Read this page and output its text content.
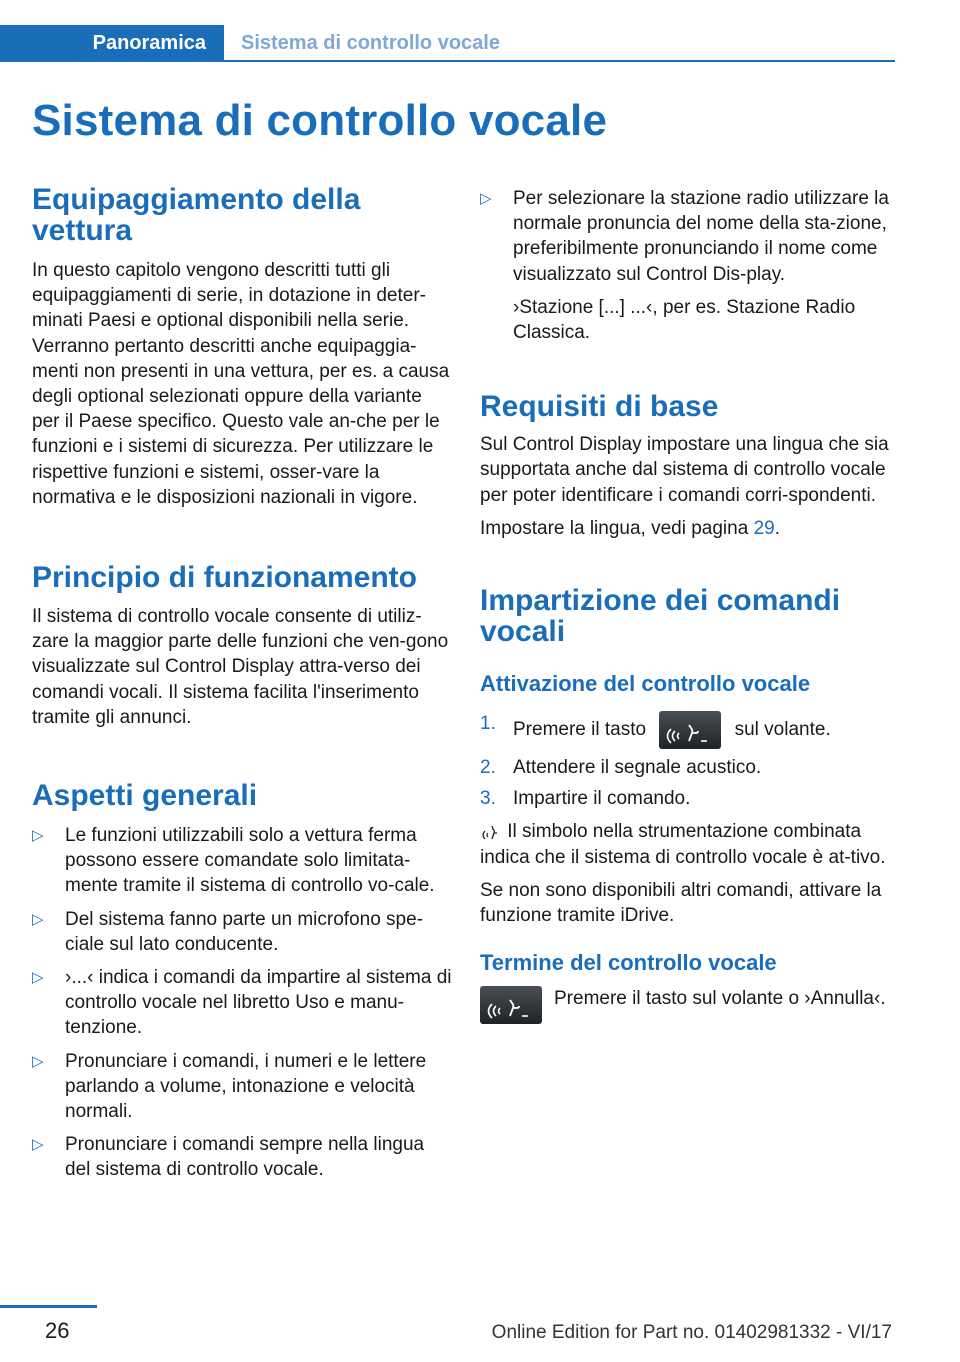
Panoramica	Sistema di controllo vocale
Sistema di controllo vocale
Equipaggiamento della vettura

In questo capitolo vengono descritti tutti gli equipaggiamenti di serie, in dotazione in deter-minati Paesi e optional disponibili nella serie. Verranno pertanto descritti anche equipaggia-menti non presenti in una vettura, per es. a causa degli optional selezionati oppure della variante per il Paese specifico. Questo vale an-che per le funzioni e i sistemi di sicurezza. Per utilizzare le rispettive funzioni e sistemi, osser-vare la normativa e le disposizioni nazionali in vigore.

Principio di funzionamento

Il sistema di controllo vocale consente di utiliz-zare la maggior parte delle funzioni che ven-gono visualizzate sul Control Display attra-verso dei comandi vocali. Il sistema facilita l'inserimento tramite gli annunci.

Aspetti generali
▷ Le funzioni utilizzabili solo a vettura ferma possono essere comandate solo limitata-mente tramite il sistema di controllo vo-cale.
▷ Del sistema fanno parte un microfono spe-ciale sul lato conducente.
▷ ›...‹ indica i comandi da impartire al sistema di controllo vocale nel libretto Uso e manu-tenzione.
▷ Pronunciare i comandi, i numeri e le lettere parlando a volume, intonazione e velocità normali.
▷ Pronunciare i comandi sempre nella lingua del sistema di controllo vocale.
▷ Per selezionare la stazione radio utilizzare la normale pronuncia del nome della sta-zione, preferibilmente pronunciando il nome come visualizzato sul Control Dis-play.

›Stazione [...] ...‹, per es. Stazione Radio Classica.

Requisiti di base

Sul Control Display impostare una lingua che sia supportata anche dal sistema di controllo vocale per poter identificare i comandi corri-spondenti.

Impostare la lingua, vedi pagina 29.

Impartizione dei comandi vocali
Attivazione del controllo vocale
1. Premere il tasto	sul volante.
2. Attendere il segnale acustico.
3. Impartire il comando.

Il simbolo nella strumentazione combinata indica che il sistema di controllo vocale è at-tivo.

Se non sono disponibili altri comandi, attivare la funzione tramite iDrive.

Termine del controllo vocale

Premere il tasto sul volante o ›Annulla‹.

26	Online Edition for Part no. 01402981332 - VI/17
